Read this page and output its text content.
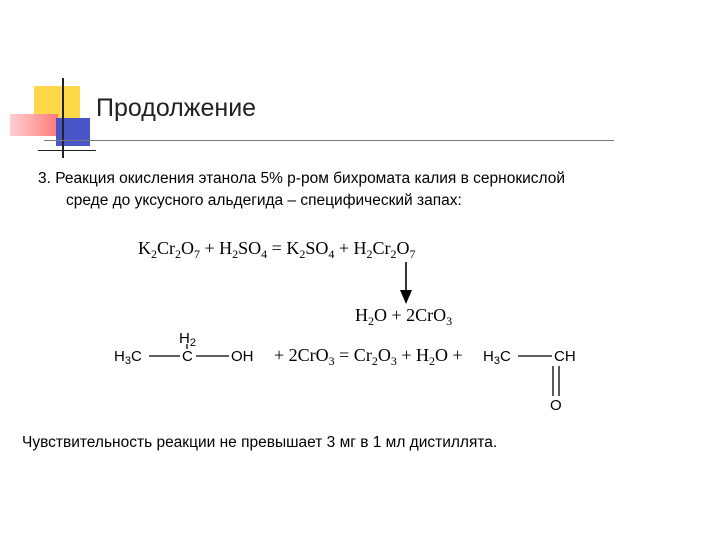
Продолжение
3. Реакция окисления этанола 5% р-ром бихромата калия в сернокислой
среде до уксусного альдегида – специфический запах:
$K_2Cr_2O_7 + H_2SO_4 = K_2SO_4 + H_2Cr_2O_7$
$H_2O + 2CrO_3$
$H_3C$
$H_2$
C	OH + $2CrO_3 = Cr_2O_3 + H_2O + H_3C$	CH
O
Чувствительность реакции не превышает 3 мг в 1 мл дистиллята.
